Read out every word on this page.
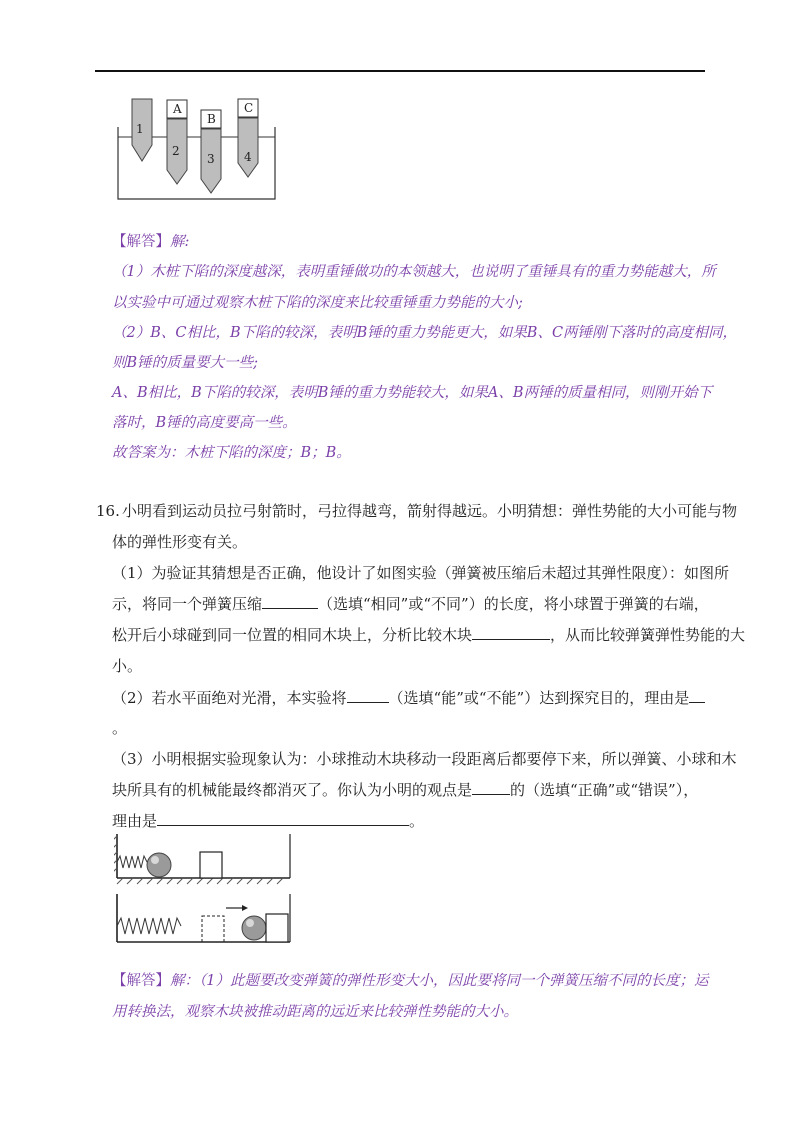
1
2
3 4
A
B
C
【解答】解:
（1）木桩下陷的深度越深，表明重锤做功的本领越大，也说明了重锤具有的重力势能越大，所
以实验中可通过观察木桩下陷的深度来比较重锤重力势能的大小;
（2）B、C相比，B下陷的较深，表明B锤的重力势能更大，如果B、C两锤刚下落时的高度相同，
则B锤的质量要大一些;
A、B相比，B下陷的较深，表明B锤的重力势能较大，如果A、B两锤的质量相同，则刚开始下
落时，B锤的高度要高一些。
故答案为：木桩下陷的深度；B；B。
16. 小明看到运动员拉弓射箭时，弓拉得越弯，箭射得越远。小明猜想：弹性势能的大小可能与物
体的弹性形变有关。
（1）为验证其猜想是否正确，他设计了如图实验（弹簧被压缩后未超过其弹性限度）：如图所
示，将同一个弹簧压缩	（选填“相同”或“不同”）的长度，将小球置于弹簧的右端，
松开后小球碰到同一位置的相同木块上，分析比较木块	，从而比较弹簧弹性势能的大
小。
（2）若水平面绝对光滑，本实验将	（选填“能”或“不能”）达到探究目的，理由是
。
（3）小明根据实验现象认为：小球推动木块移动一段距离后都要停下来，所以弹簧、小球和木
块所具有的机械能最终都消灭了。你认为小明的观点是	的（选填“正确”或“错误”），
理由是	。
【解答】解：（1）此题要改变弹簧的弹性形变大小，因此要将同一个弹簧压缩不同的长度；运
用转换法，观察木块被推动距离的远近来比较弹性势能的大小。
